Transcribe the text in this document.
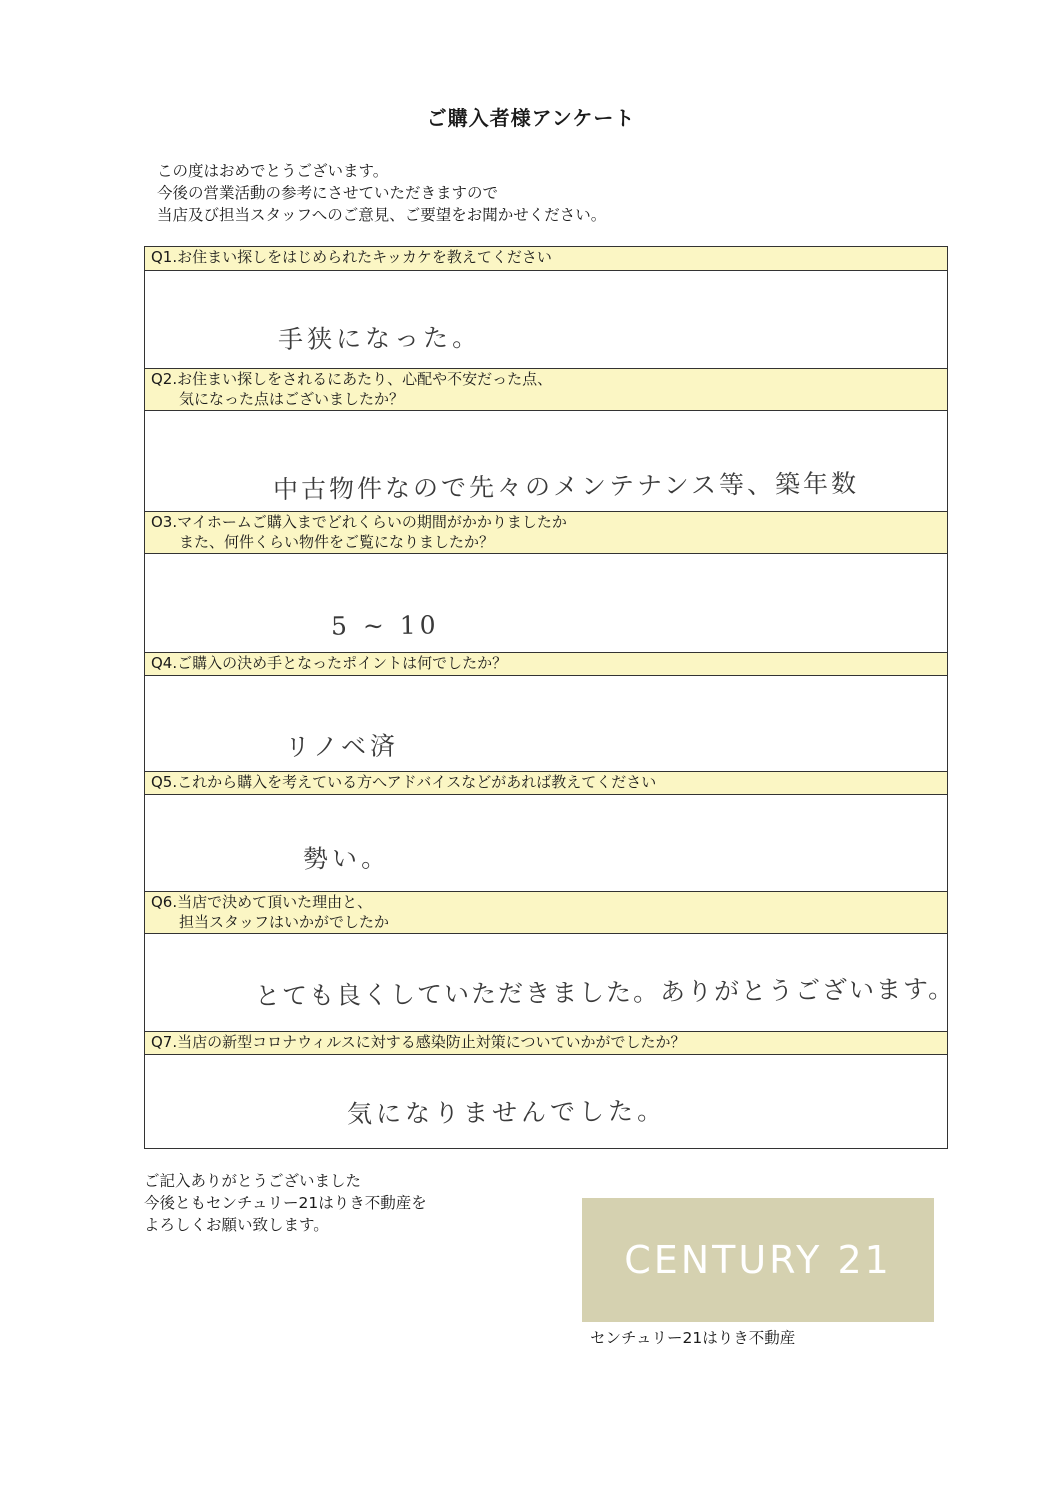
ご購入者様アンケート
この度はおめでとうございます。
今後の営業活動の参考にさせていただきますので
当店及び担当スタッフへのご意見、ご要望をお聞かせください。
Q1.お住まい探しをはじめられたキッカケを教えてください
手狭になった。
Q2.お住まい探しをされるにあたり、心配や不安だった点、
気になった点はございましたか？
中古物件なので先々のメンテナンス等、築年数
O3.マイホームご購入までどれくらいの期間がかかりましたか
また、何件くらい物件をご覧になりましたか？
5 ~ 10
Q4.ご購入の決め手となったポイントは何でしたか？
リノベ済
Q5.これから購入を考えている方へアドバイスなどがあれば教えてください
勢い。
Q6.当店で決めて頂いた理由と、
担当スタッフはいかがでしたか
とても良くしていただきました。ありがとうございます。
Q7.当店の新型コロナウィルスに対する感染防止対策についていかがでしたか？
気になりませんでした。
ご記入ありがとうございました
今後ともセンチュリー21はりき不動産を
よろしくお願い致します。
CENTURY 21
センチュリー21はりき不動産
